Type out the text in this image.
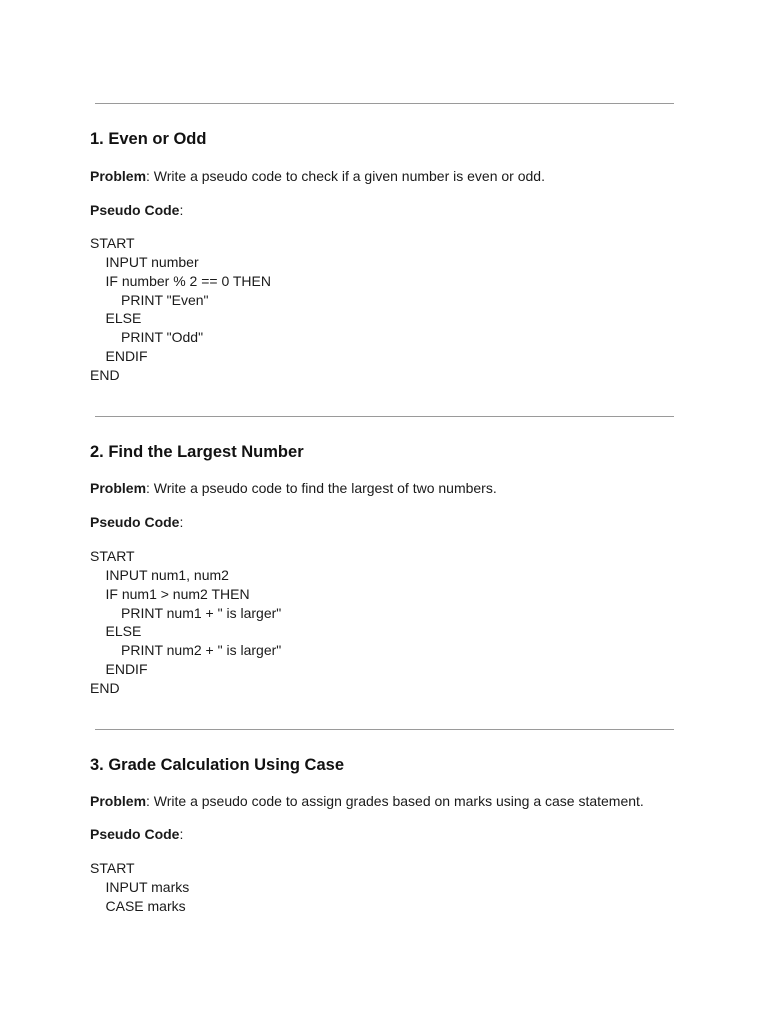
1. Even or Odd

Problem: Write a pseudo code to check if a given number is even or odd.

Pseudo Code:

START
INPUT number
IF number % 2 == 0 THEN
PRINT "Even"
ELSE
PRINT "Odd"
ENDIF
END
2. Find the Largest Number

Problem: Write a pseudo code to find the largest of two numbers.

Pseudo Code:

START
INPUT num1, num2
IF num1 > num2 THEN
PRINT num1 + " is larger"
ELSE
PRINT num2 + " is larger"
ENDIF
END
3. Grade Calculation Using Case

Problem: Write a pseudo code to assign grades based on marks using a case statement.

Pseudo Code:

START
INPUT marks
CASE marks
